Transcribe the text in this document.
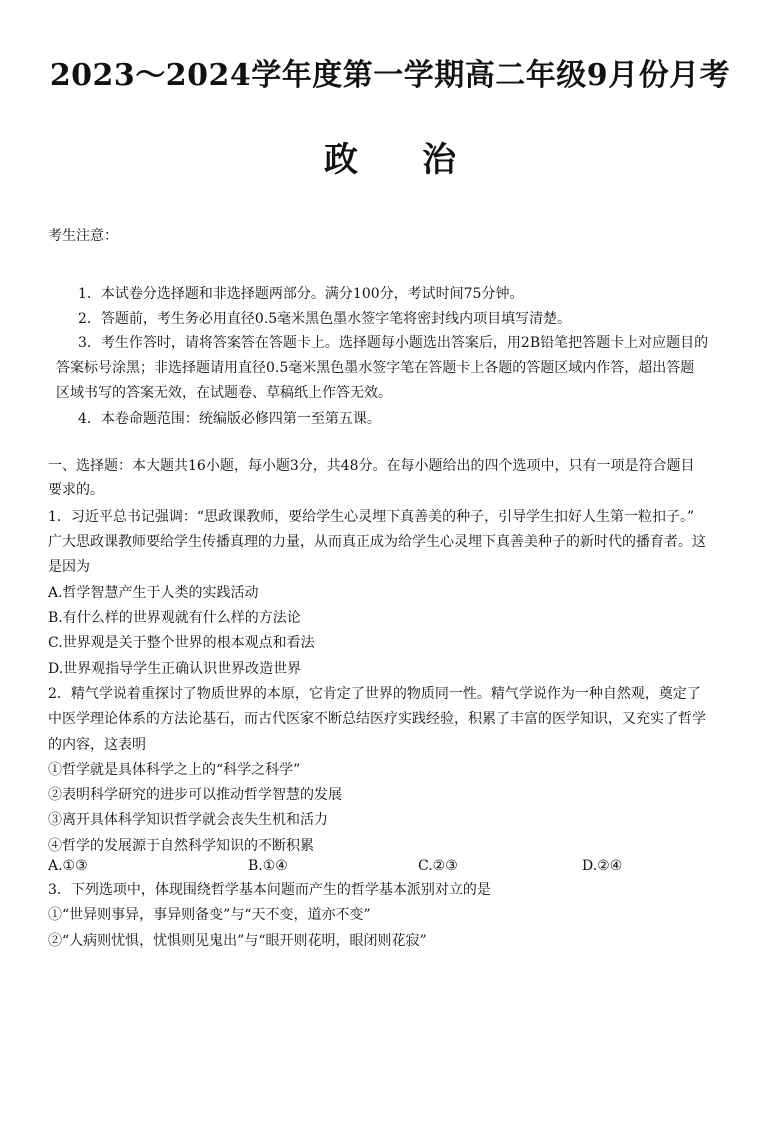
2023～2024学年度第一学期高二年级9月份月考
政治
考生注意：
1．本试卷分选择题和非选择题两部分。满分100分，考试时间75分钟。
2．答题前，考生务必用直径0.5毫米黑色墨水签字笔将密封线内项目填写清楚。
3．考生作答时，请将答案答在答题卡上。选择题每小题选出答案后，用2B铅笔把答题卡上对应题目的
答案标号涂黑；非选择题请用直径0.5毫米黑色墨水签字笔在答题卡上各题的答题区域内作答，超出答题
区域书写的答案无效，在试题卷、草稿纸上作答无效。
4．本卷命题范围：统编版必修四第一至第五课。
一、选择题：本大题共16小题，每小题3分，共48分。在每小题给出的四个选项中，只有一项是符合题目
要求的。
1．习近平总书记强调：“思政课教师，要给学生心灵埋下真善美的种子，引导学生扣好人生第一粒扣子。”
广大思政课教师要给学生传播真理的力量，从而真正成为给学生心灵埋下真善美种子的新时代的播育者。这
是因为
A.哲学智慧产生于人类的实践活动
B.有什么样的世界观就有什么样的方法论
C.世界观是关于整个世界的根本观点和看法
D.世界观指导学生正确认识世界改造世界
2．精气学说着重探讨了物质世界的本原，它肯定了世界的物质同一性。精气学说作为一种自然观，奠定了
中医学理论体系的方法论基石，而古代医家不断总结医疗实践经验，积累了丰富的医学知识，又充实了哲学
的内容，这表明
①哲学就是具体科学之上的“科学之科学”
②表明科学研究的进步可以推动哲学智慧的发展
③离开具体科学知识哲学就会丧失生机和活力
④哲学的发展源于自然科学知识的不断积累
A.①③	B.①④	C.②③	D.②④
3．下列选项中，体现围绕哲学基本问题而产生的哲学基本派别对立的是
①“世异则事异，事异则备变”与“天不变，道亦不变”
②“人病则忧惧，忧惧则见鬼出”与“眼开则花明，眼闭则花寂”
